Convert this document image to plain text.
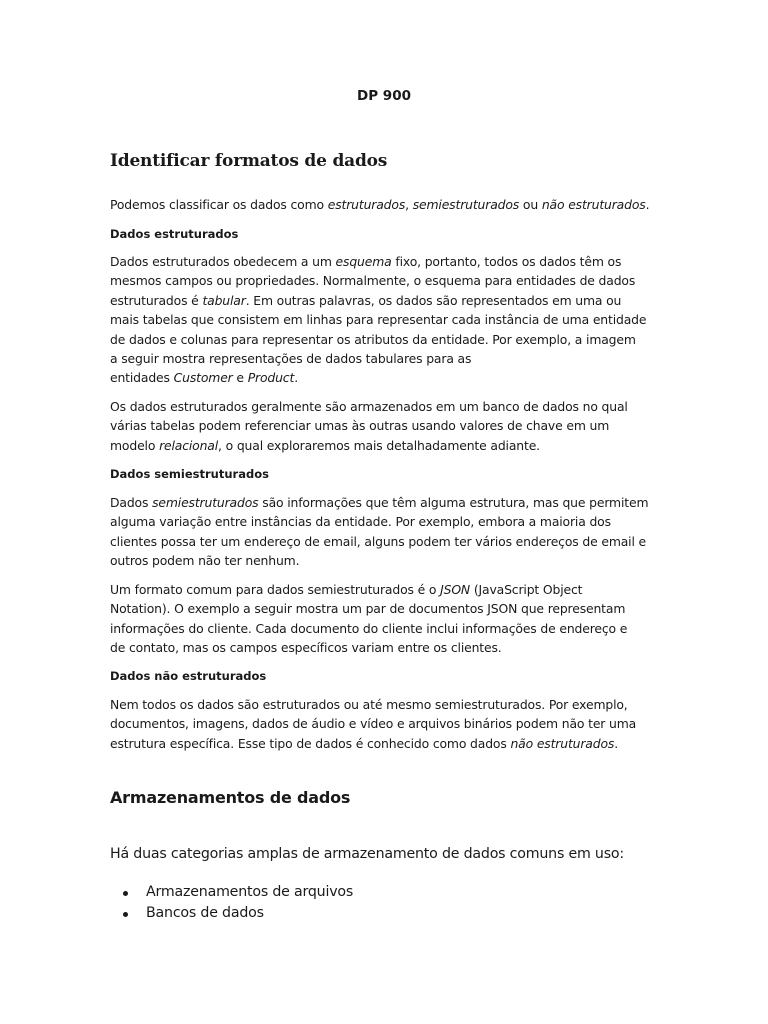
DP 900
Identificar formatos de dados

Podemos classificar os dados como estruturados, semiestruturados ou não estruturados.

Dados estruturados

Dados estruturados obedecem a um esquema fixo, portanto, todos os dados têm os
mesmos campos ou propriedades. Normalmente, o esquema para entidades de dados
estruturados é tabular. Em outras palavras, os dados são representados em uma ou
mais tabelas que consistem em linhas para representar cada instância de uma entidade
de dados e colunas para representar os atributos da entidade. Por exemplo, a imagem
a seguir mostra representações de dados tabulares para as
entidades Customer e Product.

Os dados estruturados geralmente são armazenados em um banco de dados no qual
várias tabelas podem referenciar umas às outras usando valores de chave em um
modelo relacional, o qual exploraremos mais detalhadamente adiante.

Dados semiestruturados

Dados semiestruturados são informações que têm alguma estrutura, mas que permitem
alguma variação entre instâncias da entidade. Por exemplo, embora a maioria dos
clientes possa ter um endereço de email, alguns podem ter vários endereços de email e
outros podem não ter nenhum.

Um formato comum para dados semiestruturados é o JSON (JavaScript Object
Notation). O exemplo a seguir mostra um par de documentos JSON que representam
informações do cliente. Cada documento do cliente inclui informações de endereço e
de contato, mas os campos específicos variam entre os clientes.

Dados não estruturados

Nem todos os dados são estruturados ou até mesmo semiestruturados. Por exemplo,
documentos, imagens, dados de áudio e vídeo e arquivos binários podem não ter uma
estrutura específica. Esse tipo de dados é conhecido como dados não estruturados.

Armazenamentos de dados

Há duas categorias amplas de armazenamento de dados comuns em uso:

Armazenamentos de arquivos
Bancos de dados
